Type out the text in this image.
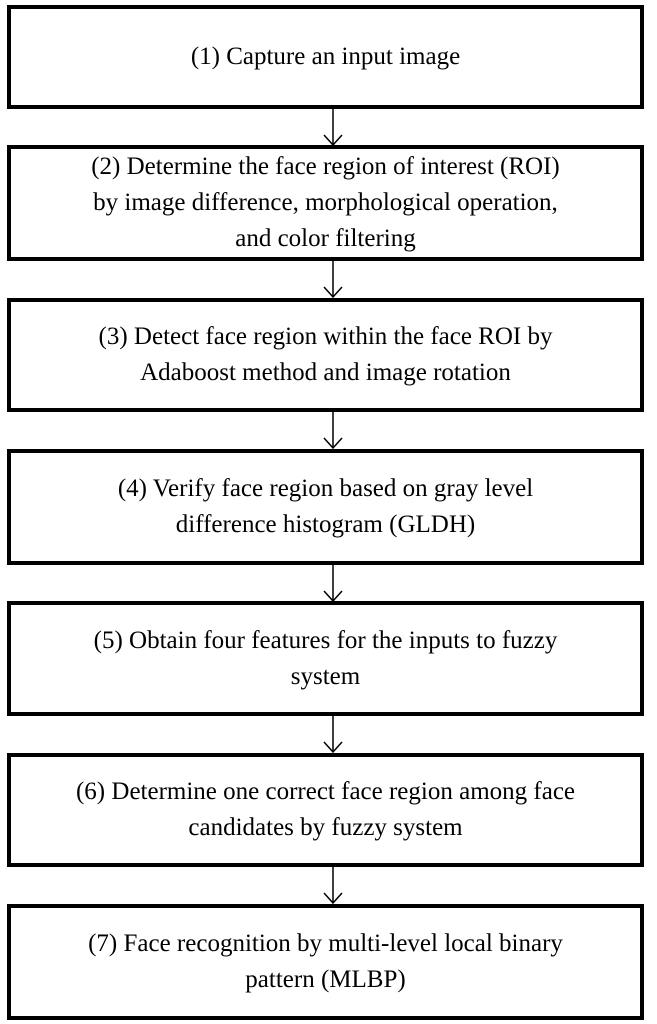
(1) Capture an input image
(2) Determine the face region of interest (ROI)
by image difference, morphological operation,
and color filtering
(3) Detect face region within the face ROI by
Adaboost method and image rotation
(4) Verify face region based on gray level
difference histogram (GLDH)
(5) Obtain four features for the inputs to fuzzy
system
(6) Determine one correct face region among face
candidates by fuzzy system
(7) Face recognition by multi-level local binary
pattern (MLBP)
